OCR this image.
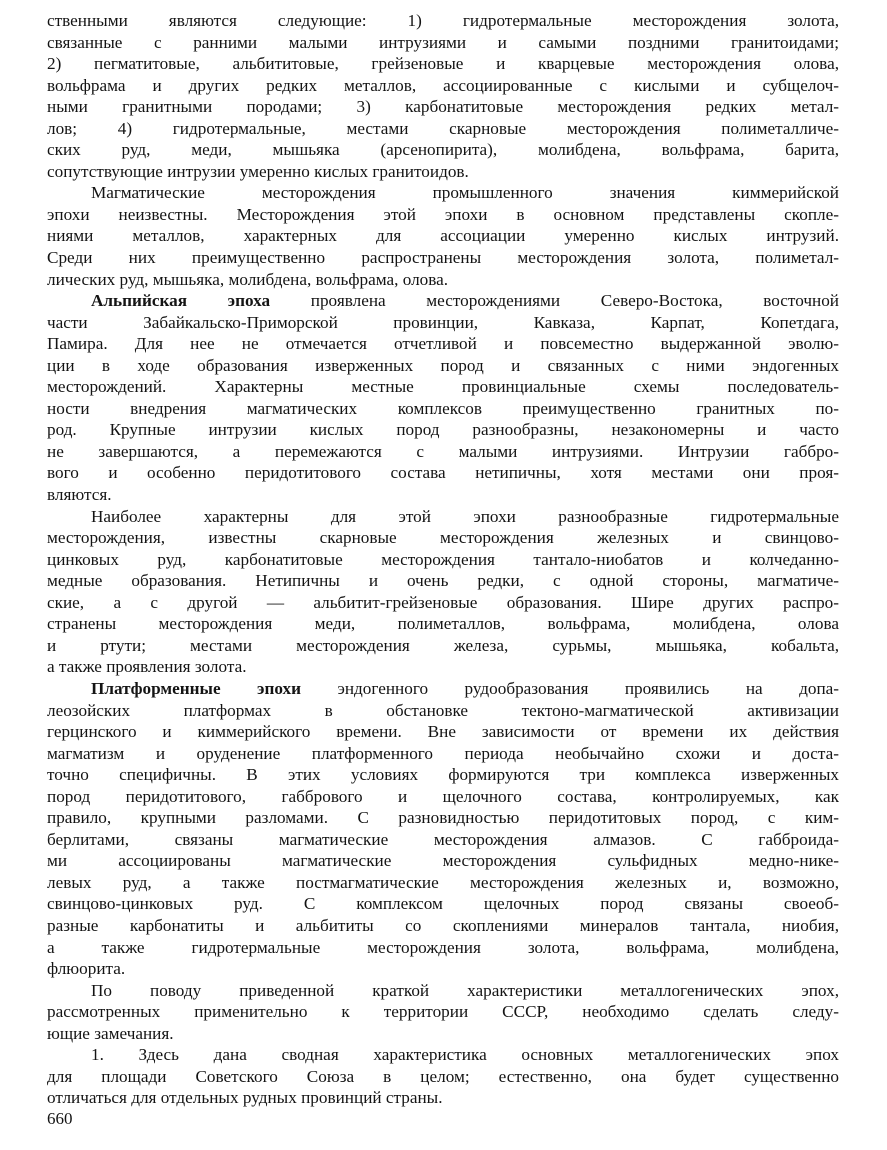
ственными являются следующие: 1) гидротермальные месторождения золота,
связанные с ранними малыми интрузиями и самыми поздними гранитоидами;
2) пегматитовые, альбититовые, грейзеновые и кварцевые месторождения олова,
вольфрама и других редких металлов, ассоциированные с кислыми и субщелоч-
ными гранитными породами; 3) карбонатитовые месторождения редких метал-
лов; 4) гидротермальные, местами скарновые месторождения полиметалличе-
ских руд, меди, мышьяка (арсенопирита), молибдена, вольфрама, барита,
сопутствующие интрузии умеренно кислых гранитоидов.

Магматические месторождения промышленного значения киммерийской
эпохи неизвестны. Месторождения этой эпохи в основном представлены скопле-
ниями металлов, характерных для ассоциации умеренно кислых интрузий.
Среди них преимущественно распространены месторождения золота, полиметал-
лических руд, мышьяка, молибдена, вольфрама, олова.

Альпийская эпоха проявлена месторождениями Северо-Востока, восточной
части Забайкальско-Приморской провинции, Кавказа, Карпат, Копетдага,
Памира. Для нее не отмечается отчетливой и повсеместно выдержанной эволю-
ции в ходе образования изверженных пород и связанных с ними эндогенных
месторождений. Характерны местные провинциальные схемы последователь-
ности внедрения магматических комплексов преимущественно гранитных по-
род. Крупные интрузии кислых пород разнообразны, незакономерны и часто
не завершаются, а перемежаются с малыми интрузиями. Интрузии габбро-
вого и особенно перидотитового состава нетипичны, хотя местами они проя-
вляются.

Наиболее характерны для этой эпохи разнообразные гидротермальные
месторождения, известны скарновые месторождения железных и свинцово-
цинковых руд, карбонатитовые месторождения тантало-ниобатов и колчеданно-
медные образования. Нетипичны и очень редки, с одной стороны, магматиче-
ские, а с другой — альбитит-грейзеновые образования. Шире других распро-
странены месторождения меди, полиметаллов, вольфрама, молибдена, олова
и ртути; местами месторождения железа, сурьмы, мышьяка, кобальта,
а также проявления золота.

Платформенные эпохи эндогенного рудообразования проявились на допа-
леозойских платформах в обстановке тектоно-магматической активизации
герцинского и киммерийского времени. Вне зависимости от времени их действия
магматизм и оруденение платформенного периода необычайно схожи и доста-
точно специфичны. В этих условиях формируются три комплекса изверженных
пород перидотитового, габбрового и щелочного состава, контролируемых, как
правило, крупными разломами. С разновидностью перидотитовых пород, с ким-
берлитами, связаны магматические месторождения алмазов. С габброида-
ми ассоциированы магматические месторождения сульфидных медно-нике-
левых руд, а также постмагматические месторождения железных и, возможно,
свинцово-цинковых руд. С комплексом щелочных пород связаны своеоб-
разные карбонатиты и альбититы со скоплениями минералов тантала, ниобия,
а также гидротермальные месторождения золота, вольфрама, молибдена,
флюорита.

По поводу приведенной краткой характеристики металлогенических эпох,
рассмотренных применительно к территории СССР, необходимо сделать следу-
ющие замечания.

1. Здесь дана сводная характеристика основных металлогенических эпох
для площади Советского Союза в целом; естественно, она будет существенно
отличаться для отдельных рудных провинций страны.

660
